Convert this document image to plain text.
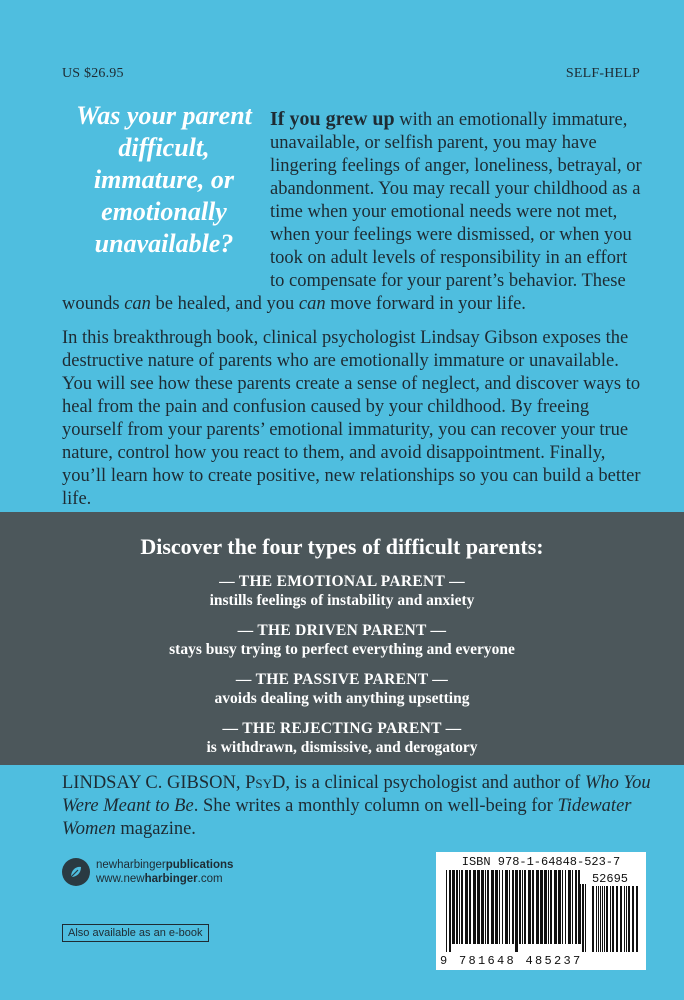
US $26.95	SELF-HELP
Was your parent difficult, immature, or emotionally unavailable?

If you grew up with an emotionally immature, unavailable, or selfish parent, you may have lingering feelings of anger, loneliness, betrayal, or abandonment. You may recall your childhood as a time when your emotional needs were not met, when your feelings were dismissed, or when you took on adult levels of responsibility in an effort to compensate for your parent’s behavior. These wounds can be healed, and you can move forward in your life.

In this breakthrough book, clinical psychologist Lindsay Gibson exposes the destructive nature of parents who are emotionally immature or unavailable. You will see how these parents create a sense of neglect, and discover ways to heal from the pain and confusion caused by your childhood. By freeing yourself from your parents’ emotional immaturity, you can recover your true nature, control how you react to them, and avoid disappointment. Finally, you’ll learn how to create positive, new relationships so you can build a better life.

Discover the four types of difficult parents:
— THE EMOTIONAL PARENT —
instills feelings of instability and anxiety
— THE DRIVEN PARENT —
stays busy trying to perfect everything and everyone
— THE PASSIVE PARENT —
avoids dealing with anything upsetting
— THE REJECTING PARENT —
is withdrawn, dismissive, and derogatory
LINDSAY C. GIBSON, PsyD, is a clinical psychologist and author of Who You Were Meant to Be. She writes a monthly column on well-being for Tidewater Women magazine.
newharbingerpublications
www.newharbinger.com
Also available as an e-book
ISBN 978-1-64848-523-7
52695
9 781648 485237
